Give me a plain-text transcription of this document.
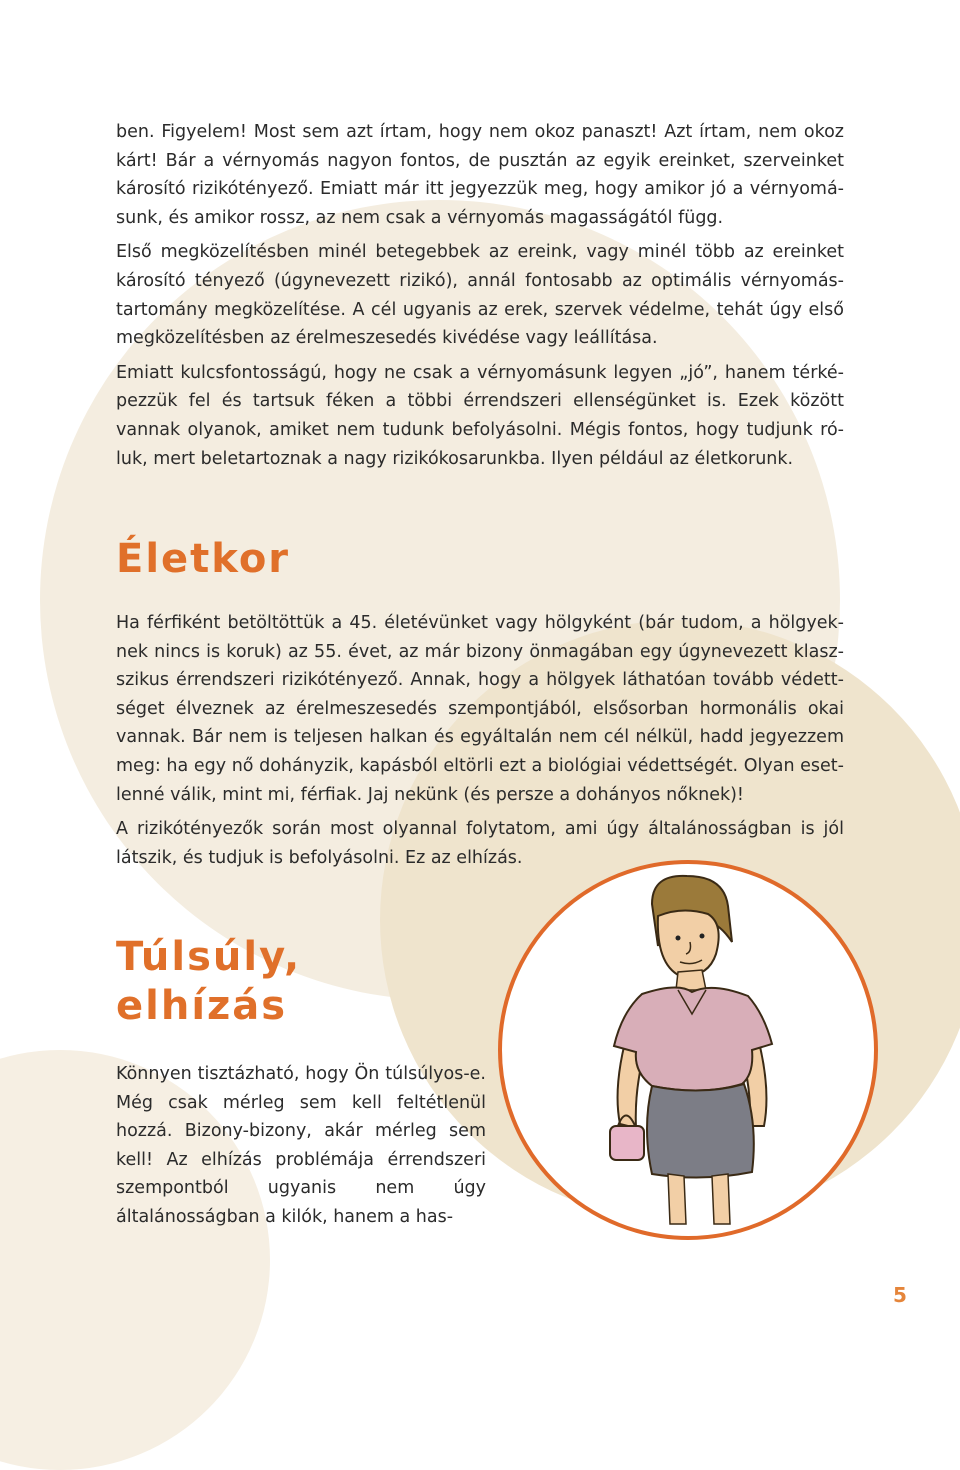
ben. Figyelem! Most sem azt írtam, hogy nem okoz panaszt! Azt írtam, nem okoz kárt! Bár a vérnyomás nagyon fontos, de pusztán az egyik ereinket, szerveinket károsító rizikótényező. Emiatt már itt jegyezzük meg, hogy amikor jó a vérnyomásunk, és amikor rossz, az nem csak a vérnyomás magasságától függ.

Első megközelítésben minél betegebbek az ereink, vagy minél több az ereinket károsító tényező (úgynevezett rizikó), annál fontosabb az optimális vérnyomástartomány megközelítése. A cél ugyanis az erek, szervek védelme, tehát úgy első megközelítésben az érelmeszesedés kivédése vagy leállítása.

Emiatt kulcsfontosságú, hogy ne csak a vérnyomásunk legyen „jó”, hanem térképezzük fel és tartsuk féken a többi érrendszeri ellenségünket is. Ezek között vannak olyanok, amiket nem tudunk befolyásolni. Mégis fontos, hogy tudjunk róluk, mert beletartoznak a nagy rizikókosarunkba. Ilyen például az életkorunk.

Életkor

Ha férfiként betöltöttük a 45. életévünket vagy hölgyként (bár tudom, a hölgyeknek nincs is koruk) az 55. évet, az már bizony önmagában egy úgynevezett klaszszikus érrendszeri rizikótényező. Annak, hogy a hölgyek láthatóan tovább védettséget élveznek az érelmeszesedés szempontjából, elsősorban hormonális okai vannak. Bár nem is teljesen halkan és egyáltalán nem cél nélkül, hadd jegyezzem meg: ha egy nő dohányzik, kapásból eltörli ezt a biológiai védettségét. Olyan esetlenné válik, mint mi, férfiak. Jaj nekünk (és persze a dohányos nőknek)!

A rizikótényezők során most olyannal folytatom, ami úgy általánosságban is jól látszik, és tudjuk is befolyásolni. Ez az elhízás.

Túlsúly,
elhízás

Könnyen tisztázható, hogy Ön túlsúlyos-e. Még csak mérleg sem kell feltétlenül hozzá. Bizony-bizony, akár mérleg sem kell! Az elhízás problémája érrendszeri szempontból ugyanis nem úgy általánosságban a kilók, hanem a has-

5
